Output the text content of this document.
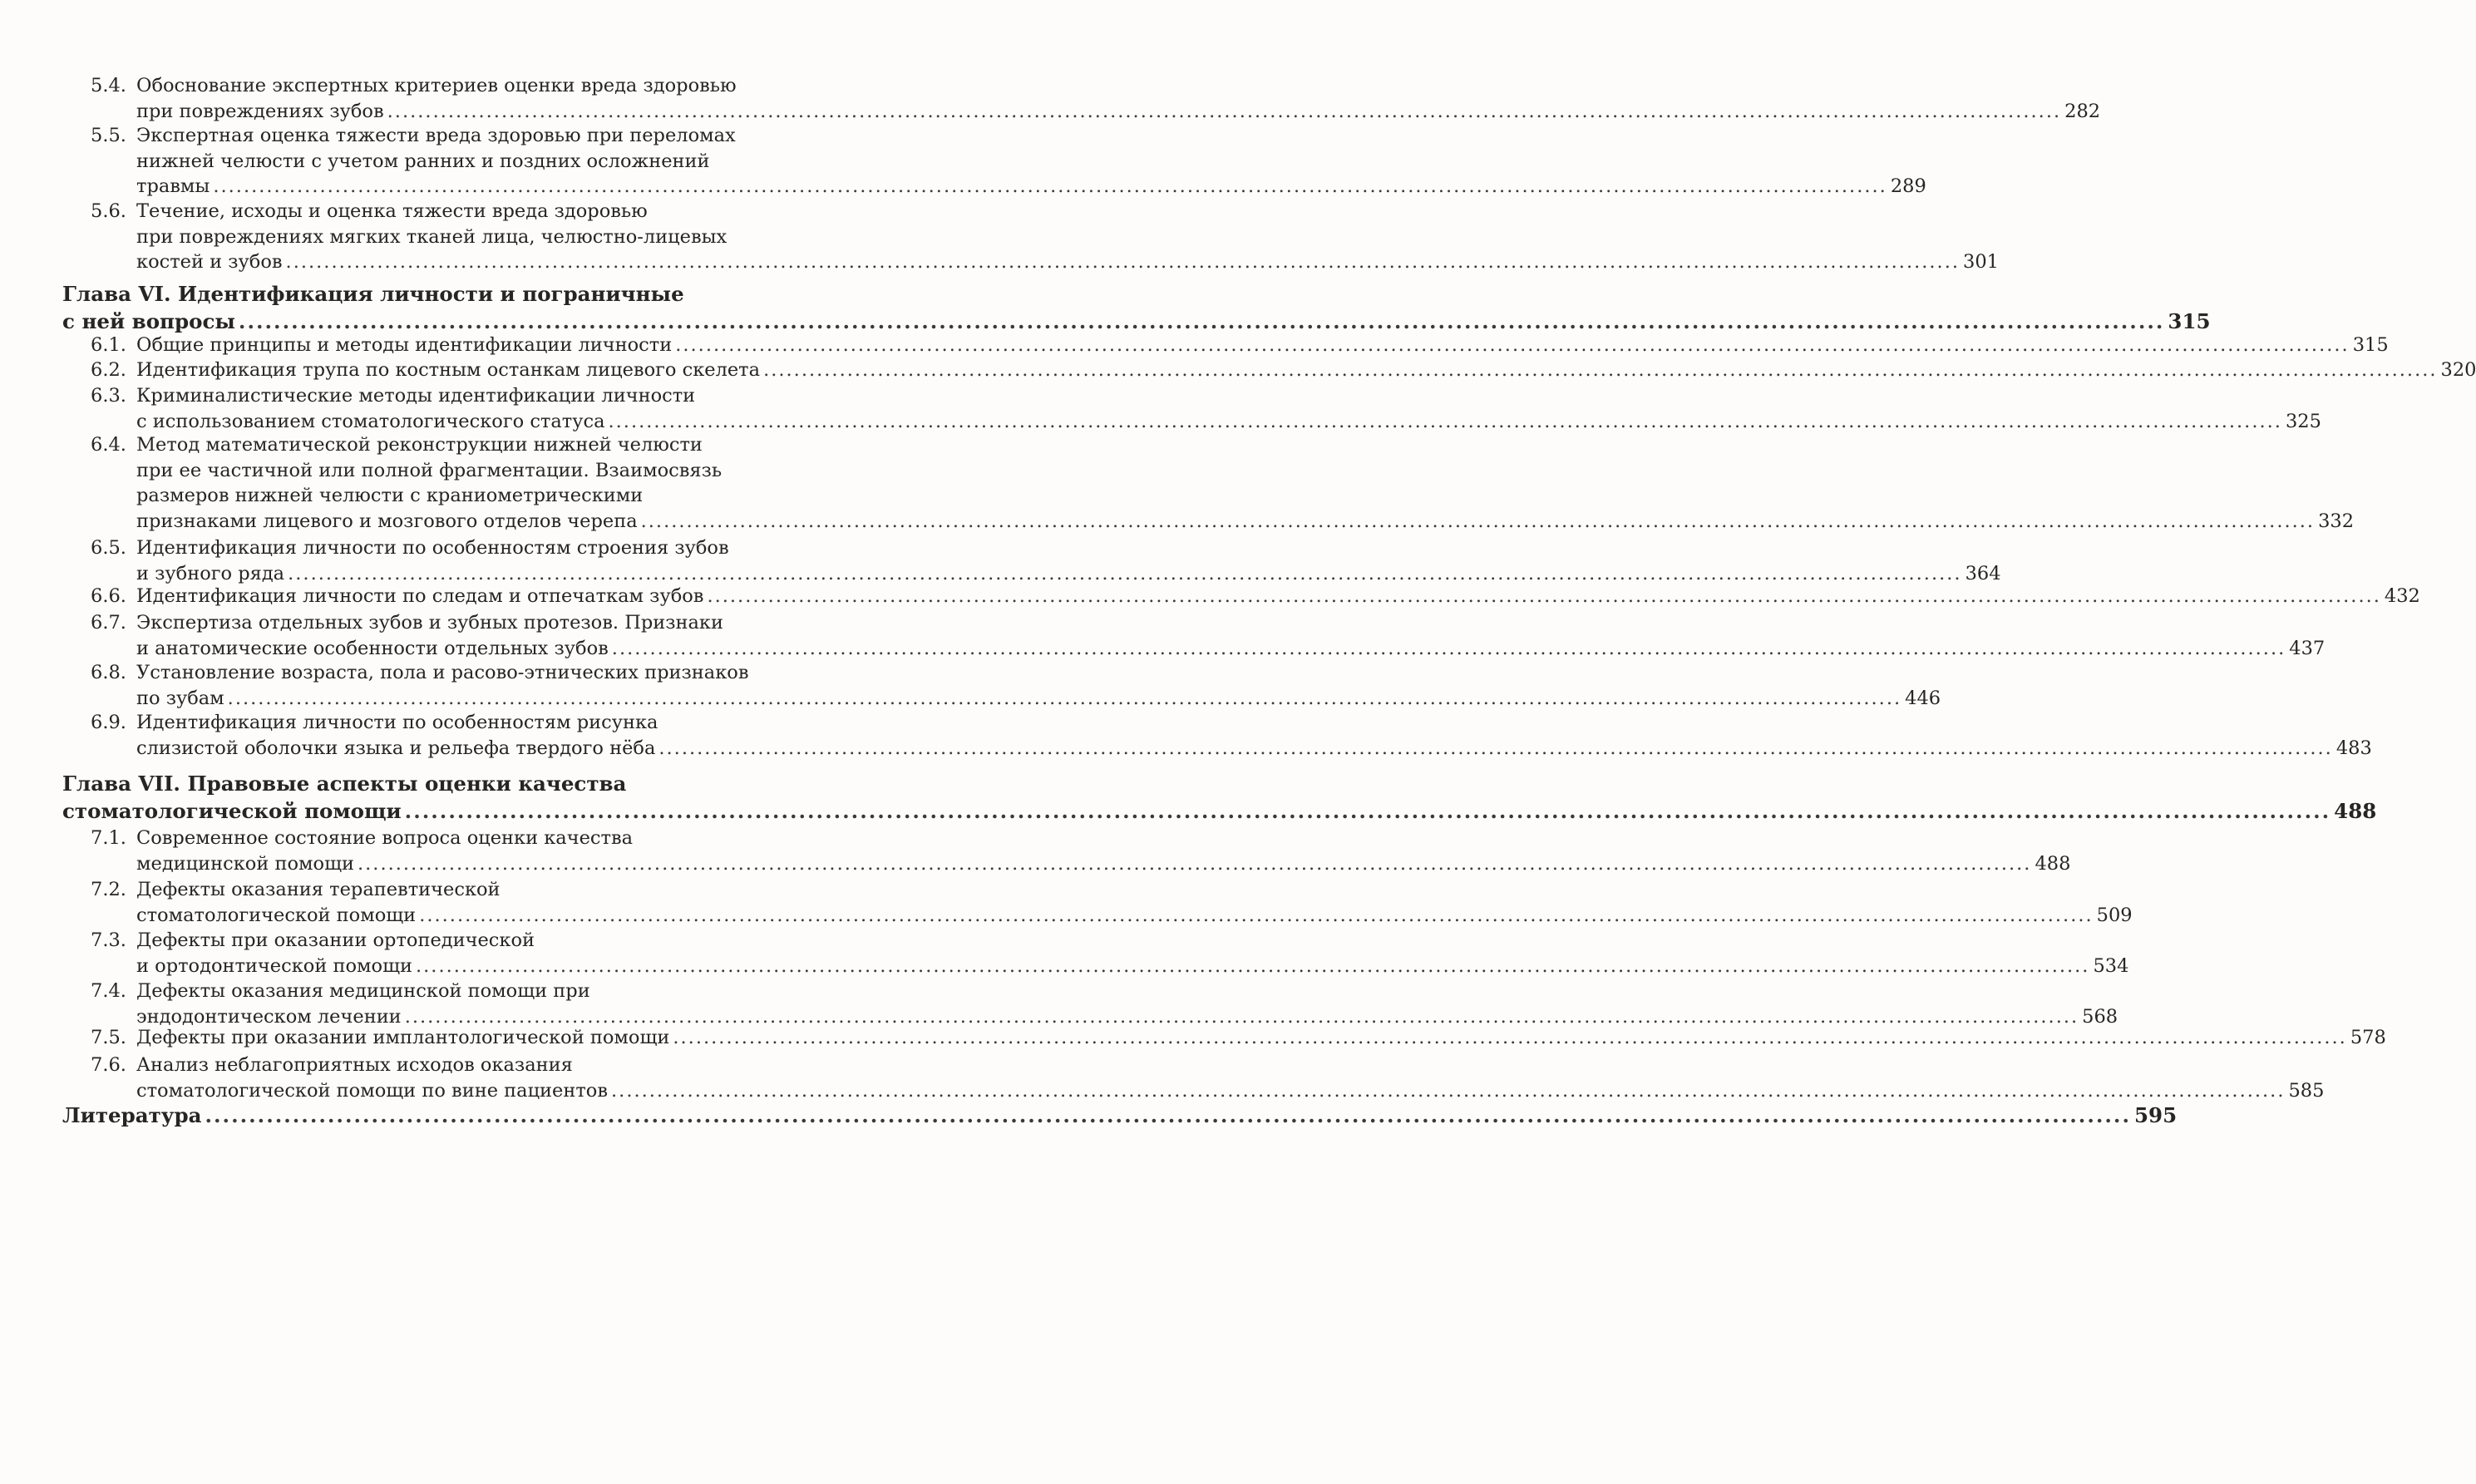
5.4. Обоснование экспертных критериев оценки вреда здоровью
при повреждениях зубов ............................................................................................................................................................................................................................ 282
5.5. Экспертная оценка тяжести вреда здоровью при переломах
нижней челюсти с учетом ранних и поздних осложнений
травмы ............................................................................................................................................................................................................................ 289
5.6. Течение, исходы и оценка тяжести вреда здоровью
при повреждениях мягких тканей лица, челюстно-лицевых
костей и зубов ............................................................................................................................................................................................................................ 301
Глава VI. Идентификация личности и пограничные
с ней вопросы ............................................................................................................................................................................................................................ 315
6.1. Общие принципы и методы идентификации личности ............................................................................................................................................................................................................................ 315
6.2. Идентификация трупа по костным останкам лицевого скелета ............................................................................................................................................................................................................................ 320
6.3. Криминалистические методы идентификации личности
с использованием стоматологического статуса ............................................................................................................................................................................................................................ 325
6.4. Метод математической реконструкции нижней челюсти
при ее частичной или полной фрагментации. Взаимосвязь
размеров нижней челюсти с краниометрическими
признаками лицевого и мозгового отделов черепа ............................................................................................................................................................................................................................ 332
6.5. Идентификация личности по особенностям строения зубов
и зубного ряда ............................................................................................................................................................................................................................ 364
6.6. Идентификация личности по следам и отпечаткам зубов ............................................................................................................................................................................................................................ 432
6.7. Экспертиза отдельных зубов и зубных протезов. Признаки
и анатомические особенности отдельных зубов ............................................................................................................................................................................................................................ 437
6.8. Установление возраста, пола и расово-этнических признаков
по зубам ............................................................................................................................................................................................................................ 446
6.9. Идентификация личности по особенностям рисунка
слизистой оболочки языка и рельефа твердого нёба ............................................................................................................................................................................................................................ 483
Глава VII. Правовые аспекты оценки качества
стоматологической помощи ............................................................................................................................................................................................................................ 488
7.1. Современное состояние вопроса оценки качества
медицинской помощи ............................................................................................................................................................................................................................ 488
7.2. Дефекты оказания терапевтической
стоматологической помощи ............................................................................................................................................................................................................................ 509
7.3. Дефекты при оказании ортопедической
и ортодонтической помощи ............................................................................................................................................................................................................................ 534
7.4. Дефекты оказания медицинской помощи при
эндодонтическом лечении ............................................................................................................................................................................................................................ 568
7.5. Дефекты при оказании имплантологической помощи ............................................................................................................................................................................................................................ 578
7.6. Анализ неблагоприятных исходов оказания
стоматологической помощи по вине пациентов ............................................................................................................................................................................................................................ 585
Литература ............................................................................................................................................................................................................................ 595
